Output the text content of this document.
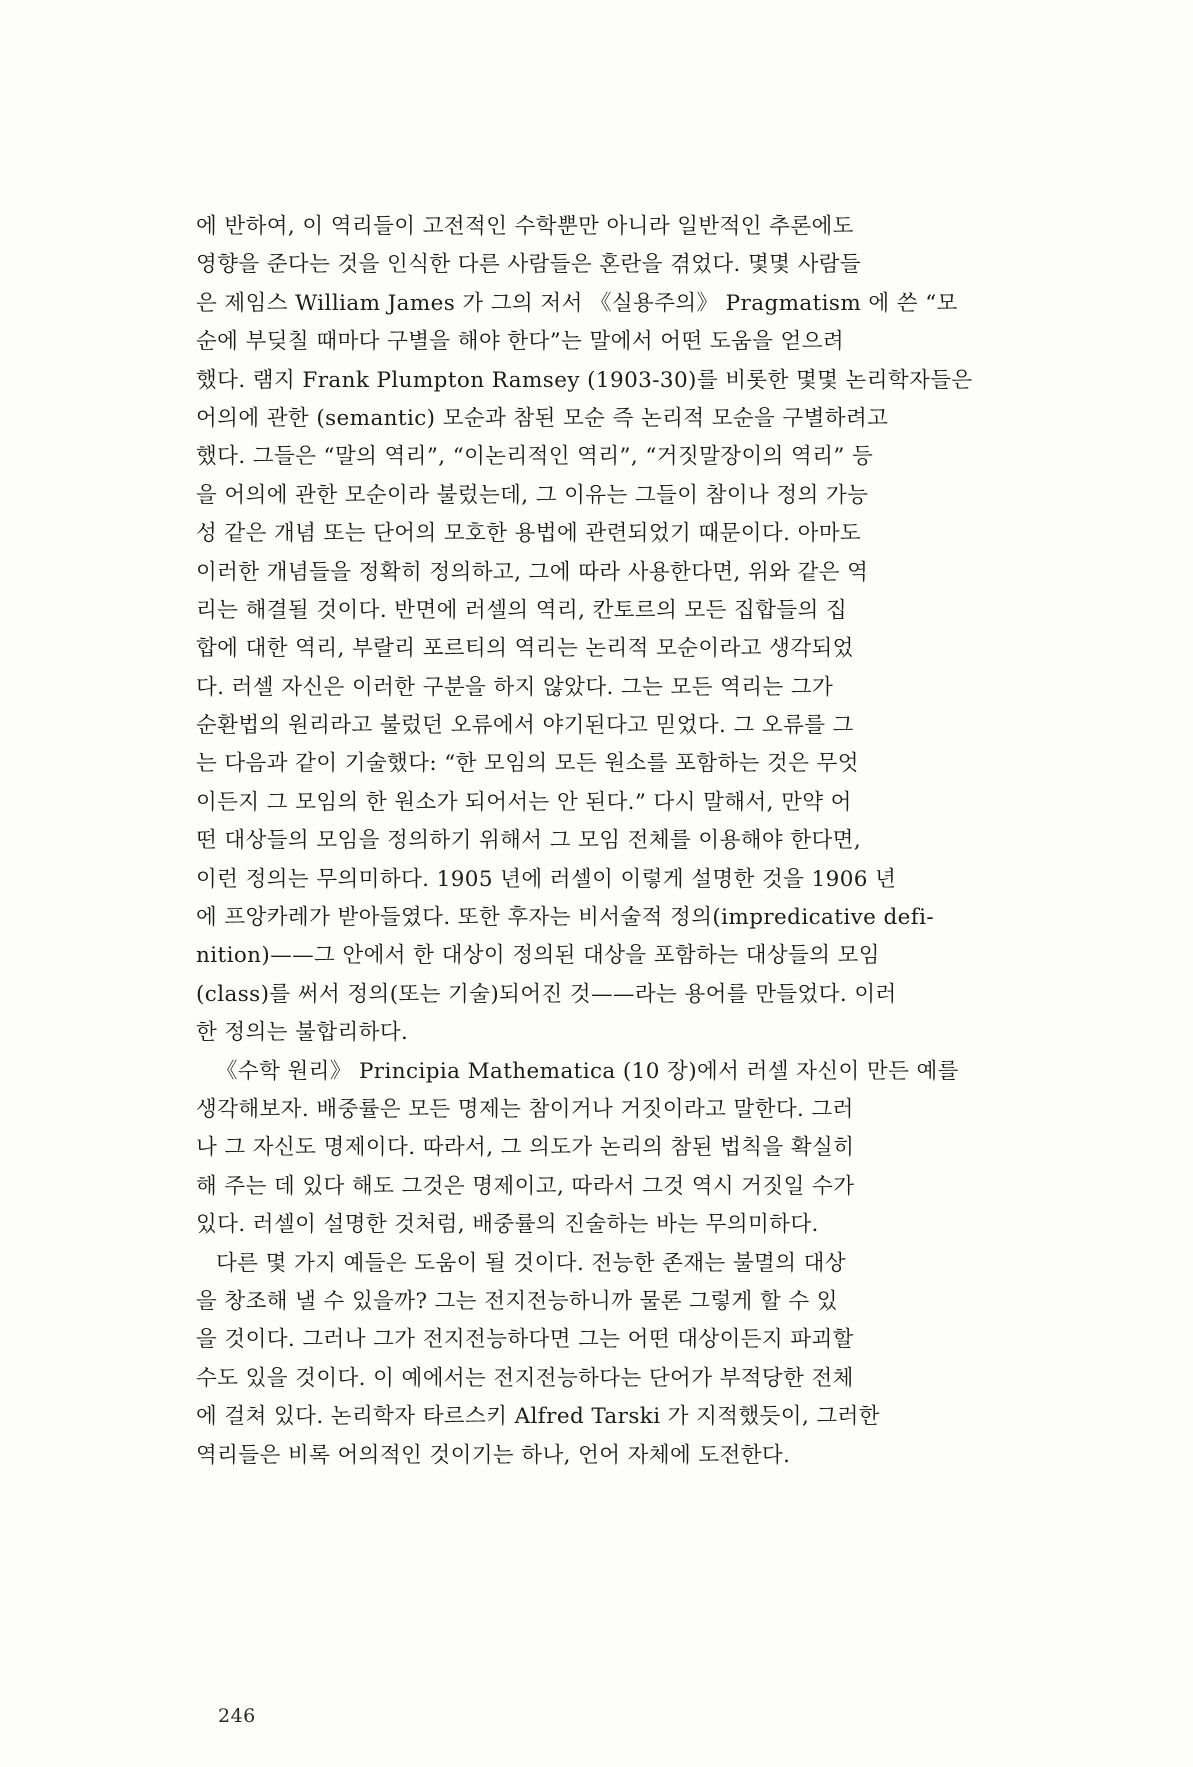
에 반하여, 이 역리들이 고전적인 수학뿐만 아니라 일반적인 추론에도
영향을 준다는 것을 인식한 다른 사람들은 혼란을 겪었다. 몇몇 사람들
은 제임스 William James 가 그의 저서 《실용주의》 Pragmatism 에 쓴 “모
순에 부딪칠 때마다 구별을 해야 한다”는 말에서 어떤 도움을 얻으려
했다. 램지 Frank Plumpton Ramsey (1903-30)를 비롯한 몇몇 논리학자들은
어의에 관한 (semantic) 모순과 참된 모순 즉 논리적 모순을 구별하려고
했다. 그들은 “말의 역리”, “이논리적인 역리”, “거짓말장이의 역리” 등
을 어의에 관한 모순이라 불렀는데, 그 이유는 그들이 참이나 정의 가능
성 같은 개념 또는 단어의 모호한 용법에 관련되었기 때문이다. 아마도
이러한 개념들을 정확히 정의하고, 그에 따라 사용한다면, 위와 같은 역
리는 해결될 것이다. 반면에 러셀의 역리, 칸토르의 모든 집합들의 집
합에 대한 역리, 부랄리 포르티의 역리는 논리적 모순이라고 생각되었
다. 러셀 자신은 이러한 구분을 하지 않았다. 그는 모든 역리는 그가
순환법의 원리라고 불렀던 오류에서 야기된다고 믿었다. 그 오류를 그
는 다음과 같이 기술했다: “한 모임의 모든 원소를 포함하는 것은 무엇
이든지 그 모임의 한 원소가 되어서는 안 된다.” 다시 말해서, 만약 어
떤 대상들의 모임을 정의하기 위해서 그 모임 전체를 이용해야 한다면,
이런 정의는 무의미하다. 1905 년에 러셀이 이렇게 설명한 것을 1906 년
에 프앙카레가 받아들였다. 또한 후자는 비서술적 정의(impredicative defi-
nition)——그 안에서 한 대상이 정의된 대상을 포함하는 대상들의 모임
(class)를 써서 정의(또는 기술)되어진 것——라는 용어를 만들었다. 이러
한 정의는 불합리하다.
《수학 원리》 Principia Mathematica (10 장)에서 러셀 자신이 만든 예를
생각해보자. 배중률은 모든 명제는 참이거나 거짓이라고 말한다. 그러
나 그 자신도 명제이다. 따라서, 그 의도가 논리의 참된 법칙을 확실히
해 주는 데 있다 해도 그것은 명제이고, 따라서 그것 역시 거짓일 수가
있다. 러셀이 설명한 것처럼, 배중률의 진술하는 바는 무의미하다.
다른 몇 가지 예들은 도움이 될 것이다. 전능한 존재는 불멸의 대상
을 창조해 낼 수 있을까? 그는 전지전능하니까 물론 그렇게 할 수 있
을 것이다. 그러나 그가 전지전능하다면 그는 어떤 대상이든지 파괴할
수도 있을 것이다. 이 예에서는 전지전능하다는 단어가 부적당한 전체
에 걸쳐 있다. 논리학자 타르스키 Alfred Tarski 가 지적했듯이, 그러한
역리들은 비록 어의적인 것이기는 하나, 언어 자체에 도전한다.
246
